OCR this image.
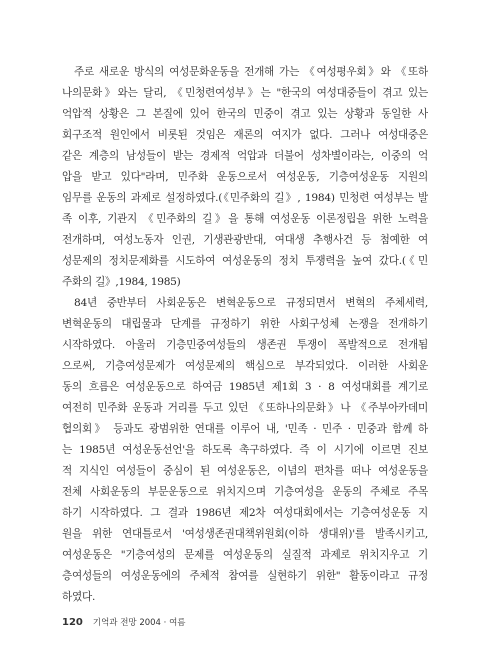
주로 새로운 방식의 여성문화운동을 전개해 가는 《여성평우회》와 《또하
나의문화》와는 달리, 《민청련여성부》는 "한국의 여성대중들이 겪고 있는
억압적 상황은 그 본질에 있어 한국의 민중이 겪고 있는 상황과 동일한 사
회구조적 원인에서 비롯된 것임은 재론의 여지가 없다. 그러나 여성대중은
같은 계층의 남성들이 받는 경제적 억압과 더불어 성차별이라는, 이중의 억
압을 받고 있다"라며, 민주화 운동으로서 여성운동, 기층여성운동 지원의
임무를 운동의 과제로 설정하였다.(《민주화의 길》, 1984) 민청련 여성부는 발
족 이후, 기관지 《민주화의 길》을 통해 여성운동 이론정립을 위한 노력을
전개하며, 여성노동자 인권, 기생관광반대, 여대생 추행사건 등 첨예한 여
성문제의 정치문제화를 시도하여 여성운동의 정치 투쟁력을 높여 갔다.(《민
주화의 길》,1984, 1985)

84년 중반부터 사회운동은 변혁운동으로 규정되면서 변혁의 주체세력,
변혁운동의 대립물과 단계를 규정하기 위한 사회구성체 논쟁을 전개하기
시작하였다. 아울러 기층민중여성들의 생존권 투쟁이 폭발적으로 전개됨
으로써, 기층여성문제가 여성문제의 핵심으로 부각되었다. 이러한 사회운
동의 흐름은 여성운동으로 하여금 1985년 제1회 3 · 8 여성대회를 계기로
여전히 민주화 운동과 거리를 두고 있던 《또하나의문화》나 《주부아카데미
협의회》 등과도 광범위한 연대를 이루어 내, '민족 · 민주 · 민중과 함께 하
는 1985년 여성운동선언'을 하도록 촉구하였다. 즉 이 시기에 이르면 진보
적 지식인 여성들이 중심이 된 여성운동은, 이념의 편차를 떠나 여성운동을
전체 사회운동의 부문운동으로 위치지으며 기층여성을 운동의 주체로 주목
하기 시작하였다. 그 결과 1986년 제2차 여성대회에서는 기층여성운동 지
원을 위한 연대틀로서 '여성생존권대책위원회(이하 생대위)'를 발족시키고,
여성운동은 "기층여성의 문제를 여성운동의 실질적 과제로 위치지우고 기
층여성들의 여성운동에의 주체적 참여를 실현하기 위한" 활동이라고 규정
하였다.

120 기억과 전망 2004 · 여름
